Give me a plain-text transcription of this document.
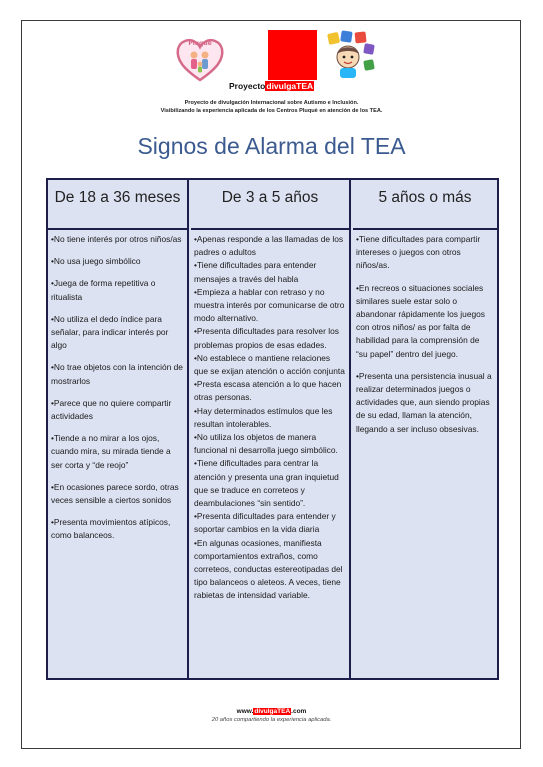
Pluquè
ProyectodivulgaTEA
Proyecto de divulgación Internacional sobre Autismo e Inclusión.
Visibilizando la experiencia aplicada de los Centros Pluquè en atención de los TEA.
Signos de Alarma del TEA
De 18 a 36 meses
•No tiene interés por otros niños/as
•No usa juego simbólico
•Juega de forma repetitiva o ritualista
•No utiliza el dedo índice para señalar, para indicar interés por algo
•No trae objetos con la intención de mostrarlos
•Parece que no quiere compartir actividades
•Tiende a no mirar a los ojos, cuando mira, su mirada tiende a ser corta y “de reojo”
•En ocasiones parece sordo, otras veces sensible a ciertos sonidos
•Presenta movimientos atípicos, como balanceos.
De 3 a 5 años
•Apenas responde a las llamadas de los padres o adultos
•Tiene dificultades para entender mensajes a través del habla
•Empieza a hablar con retraso y no muestra interés por comunicarse de otro modo alternativo.
•Presenta dificultades para resolver los problemas propios de esas edades.
•No establece o mantiene relaciones que se exijan atención o acción conjunta
•Presta escasa atención a lo que hacen otras personas.
•Hay determinados estímulos que les resultan intolerables.
•No utiliza los objetos de manera funcional ni desarrolla juego simbólico.
•Tiene dificultades para centrar la atención y presenta una gran inquietud que se traduce en correteos y deambulaciones “sin sentido”.
•Presenta dificultades para entender y soportar cambios en la vida diaria
•En algunas ocasiones, manifiesta comportamientos extraños, como correteos, conductas estereotipadas del tipo balanceos o aleteos. A veces, tiene rabietas de intensidad variable.
5 años o más
•Tiene dificultades para compartir intereses o juegos con otros niños/as.
•En recreos o situaciones sociales similares suele estar solo o abandonar rápidamente los juegos con otros niños/ as por falta de habilidad para la comprensión de “su papel” dentro del juego.
•Presenta una persistencia inusual a realizar determinados juegos o actividades que, aun siendo propias de su edad, llaman la atención, llegando a ser incluso obsesivas.
www.divulgaTEA.com
20 años compartiendo la experiencia aplicada.
